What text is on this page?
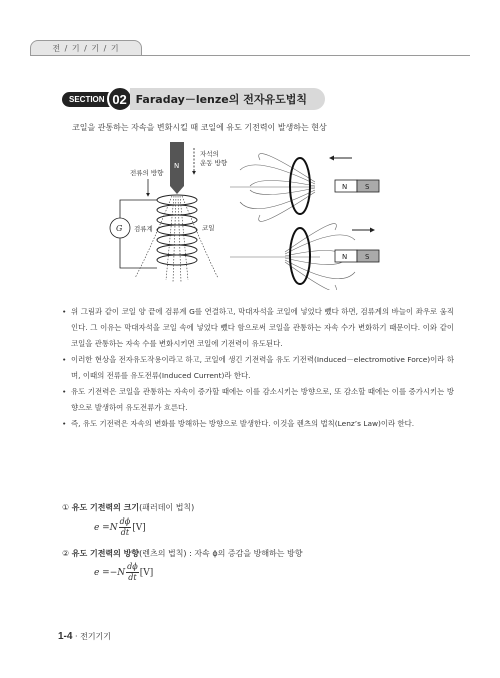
전 / 기 / 기 / 기
SECTION 02 Faraday－lenze의 전자유도법칙
코일을 관통하는 자속을 변화시킬 때 코일에 유도 기전력이 발생하는 현상
N
G 검류계	코일
전류의 방향
자석의
운동 방향
N	S
N	S
• 위 그림과 같이 코일 양 끝에 검류계 G를 연결하고, 막대자석을 코일에 넣었다 뺐다 하면, 검류계의 바늘이 좌우로 움직인다. 그 이유는 막대자석을 코일 속에 넣었다 뺐다 함으로써 코일을 관통하는 자속 수가 변화하기 때문이다. 이와 같이 코일을 관통하는 자속 수를 변화시키면 코일에 기전력이 유도된다.

• 이러한 현상을 전자유도작용이라고 하고, 코일에 생긴 기전력을 유도 기전력(Induced－electromotive Force)이라 하며, 이때의 전류를 유도전류(Induced Current)라 한다.

• 유도 기전력은 코일을 관통하는 자속이 증가할 때에는 이를 감소시키는 방향으로, 또 감소할 때에는 이를 증가시키는 방향으로 발생하여 유도전류가 흐른다.

• 즉, 유도 기전력은 자속의 변화를 방해하는 방향으로 발생한다. 이것을 렌츠의 법칙(Lenz’s Law)이라 한다.

① 유도 기전력의 크기(패러데이 법칙)
e = N $\frac{d\phi}{dt} [V]$
② 유도 기전력의 방향(렌츠의 법칙) : 자속 ϕ의 증감을 방해하는 방향
e = − N $\frac{d\phi}{dt} [V]$
1-4 · 전기기기
